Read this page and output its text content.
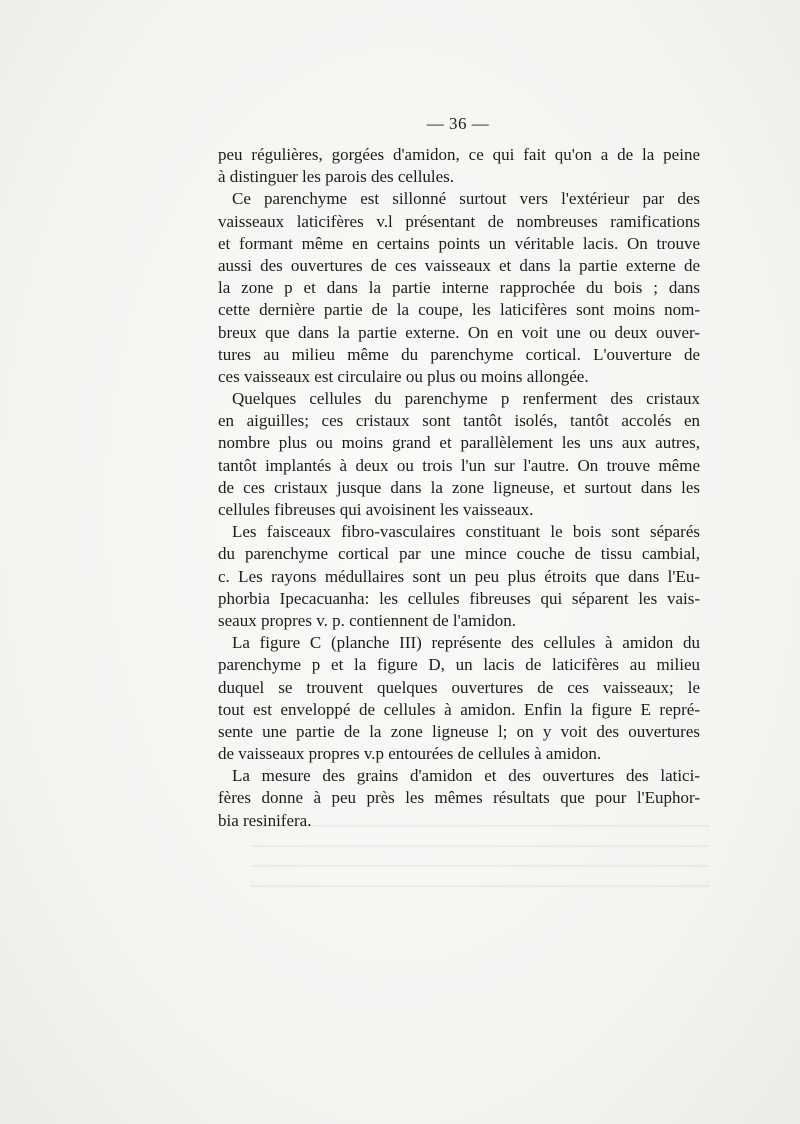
— 36 —
peu régulières, gorgées d'amidon, ce qui fait qu'on a de la peine
à distinguer les parois des cellules.
Ce parenchyme est sillonné surtout vers l'extérieur par des
vaisseaux laticifères v.l présentant de nombreuses ramifications
et formant même en certains points un véritable lacis. On trouve
aussi des ouvertures de ces vaisseaux et dans la partie externe de
la zone p et dans la partie interne rapprochée du bois ; dans
cette dernière partie de la coupe, les laticifères sont moins nom-
breux que dans la partie externe. On en voit une ou deux ouver-
tures au milieu même du parenchyme cortical. L'ouverture de
ces vaisseaux est circulaire ou plus ou moins allongée.
Quelques cellules du parenchyme p renferment des cristaux
en aiguilles; ces cristaux sont tantôt isolés, tantôt accolés en
nombre plus ou moins grand et parallèlement les uns aux autres,
tantôt implantés à deux ou trois l'un sur l'autre. On trouve même
de ces cristaux jusque dans la zone ligneuse, et surtout dans les
cellules fibreuses qui avoisinent les vaisseaux.
Les faisceaux fibro-vasculaires constituant le bois sont séparés
du parenchyme cortical par une mince couche de tissu cambial,
c. Les rayons médullaires sont un peu plus étroits que dans l'Eu-
phorbia Ipecacuanha: les cellules fibreuses qui séparent les vais-
seaux propres v. p. contiennent de l'amidon.
La figure C (planche III) représente des cellules à amidon du
parenchyme p et la figure D, un lacis de laticifères au milieu
duquel se trouvent quelques ouvertures de ces vaisseaux; le
tout est enveloppé de cellules à amidon. Enfin la figure E repré-
sente une partie de la zone ligneuse l; on y voit des ouvertures
de vaisseaux propres v.p entourées de cellules à amidon.
La mesure des grains d'amidon et des ouvertures des latici-
fères donne à peu près les mêmes résultats que pour l'Euphor-
bia resinifera.
